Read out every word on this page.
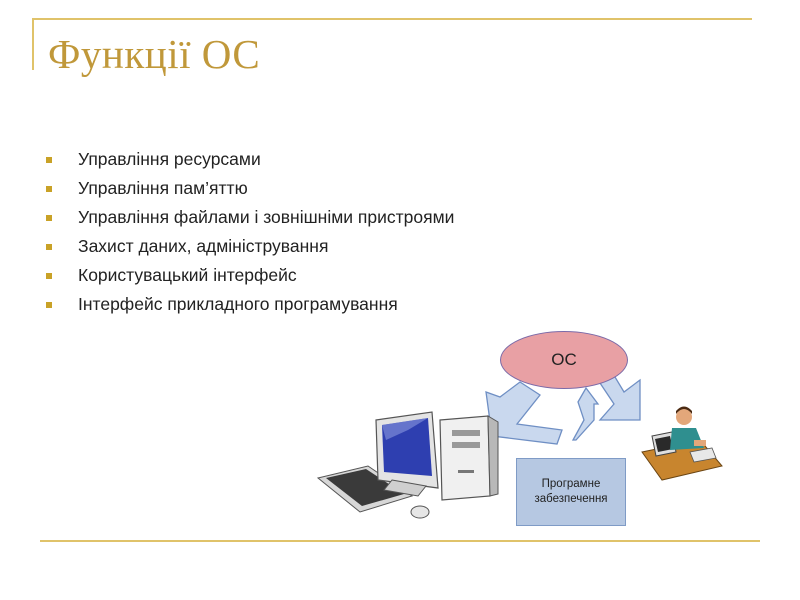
Функції ОС
Управління ресурсами
Управління пам’яттю
Управління файлами і зовнішніми пристроями
Захист даних, адміністрування
Користувацький інтерфейс
Інтерфейс прикладного програмування
ОС
Програмне
забезпечення
